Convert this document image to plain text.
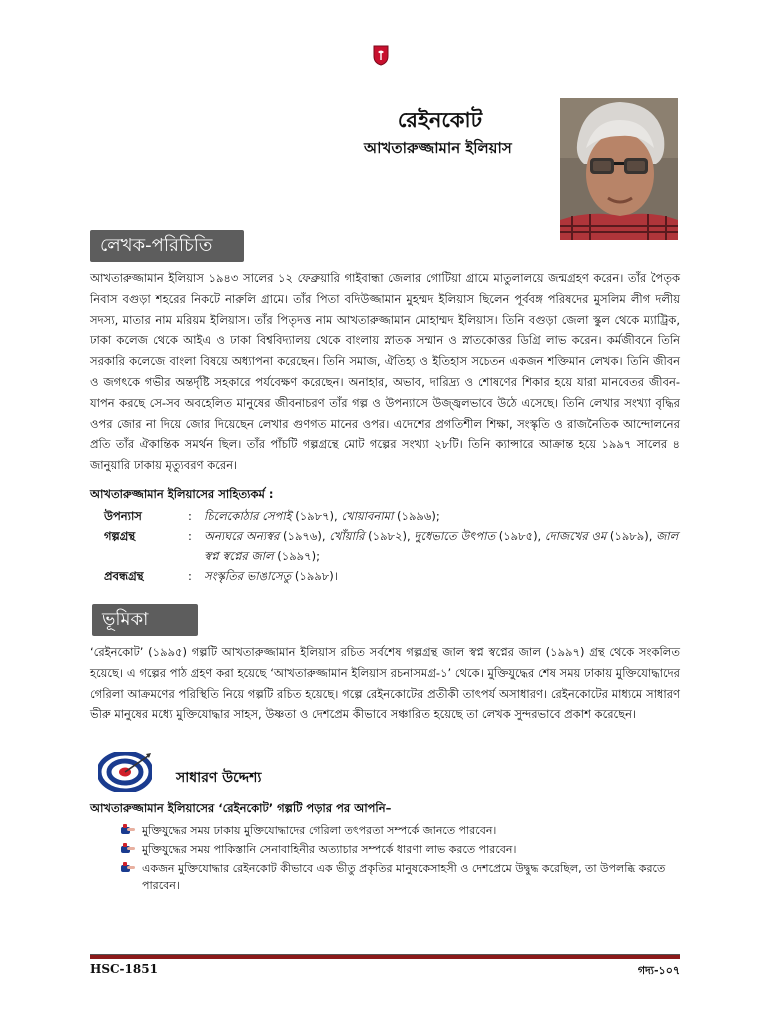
রেইনকোট
আখতারুজ্জামান ইলিয়াস
লেখক-পরিচিতি
আখতারুজ্জামান ইলিয়াস ১৯৪৩ সালের ১২ ফেব্রুয়ারি গাইবান্ধা জেলার গোটিয়া গ্রামে মাতুলালয়ে জন্মগ্রহণ করেন। তাঁর পৈতৃক নিবাস বগুড়া শহরের নিকটে নারুলি গ্রামে। তাঁর পিতা বদিউজ্জামান মুহম্মদ ইলিয়াস ছিলেন পূর্ববঙ্গ পরিষদের মুসলিম লীগ দলীয় সদস্য, মাতার নাম মরিয়ম ইলিয়াস। তাঁর পিতৃদত্ত নাম আখতারুজ্জামান মোহাম্মদ ইলিয়াস। তিনি বগুড়া জেলা স্কুল থেকে ম্যাট্রিক, ঢাকা কলেজ থেকে আইএ ও ঢাকা বিশ্ববিদ্যালয় থেকে বাংলায় স্নাতক সম্মান ও স্নাতকোত্তর ডিগ্রি লাভ করেন। কর্মজীবনে তিনি সরকারি কলেজে বাংলা বিষয়ে অধ্যাপনা করেছেন। তিনি সমাজ, ঐতিহ্য ও ইতিহাস সচেতন একজন শক্তিমান লেখক। তিনি জীবন ও জগৎকে গভীর অন্তর্দৃষ্টি সহকারে পর্যবেক্ষণ করেছেন। অনাহার, অভাব, দারিদ্র্য ও শোষণের শিকার হয়ে যারা মানবেতর জীবন-যাপন করছে সে-সব অবহেলিত মানুষের জীবনাচরণ তাঁর গল্প ও উপন্যাসে উজ্জ্বলভাবে উঠে এসেছে। তিনি লেখার সংখ্যা বৃদ্ধির ওপর জোর না দিয়ে জোর দিয়েছেন লেখার গুণগত মানের ওপর। এদেশের প্রগতিশীল শিক্ষা, সংস্কৃতি ও রাজনৈতিক আন্দোলনের প্রতি তাঁর ঐকান্তিক সমর্থন ছিল। তাঁর পাঁচটি গল্পগ্রন্থে মোট গল্পের সংখ্যা ২৮টি। তিনি ক্যান্সারে আক্রান্ত হয়ে ১৯৯৭ সালের ৪ জানুয়ারি ঢাকায় মৃত্যুবরণ করেন।
আখতারুজ্জামান ইলিয়াসের সাহিত্যকর্ম :
উপন্যাস	:	চিলেকোঠার সেপাই (১৯৮৭), খোয়াবনামা (১৯৯৬);
গল্পগ্রন্থ	:	অন্যঘরে অন্যস্বর (১৯৭৬), খোঁয়ারি (১৯৮২), দুধেভাতে উৎপাত (১৯৮৫), দোজখের ওম (১৯৮৯), জাল স্বপ্ন স্বপ্নের জাল (১৯৯৭);
প্রবন্ধগ্রন্থ	:	সংস্কৃতির ভাঙাসেতু (১৯৯৮)।
ভূমিকা
‘রেইনকোট’ (১৯৯৫) গল্পটি আখতারুজ্জামান ইলিয়াস রচিত সর্বশেষ গল্পগ্রন্থ জাল স্বপ্ন স্বপ্নের জাল (১৯৯৭) গ্রন্থ থেকে সংকলিত হয়েছে। এ গল্পের পাঠ গ্রহণ করা হয়েছে ‘আখতারুজ্জামান ইলিয়াস রচনাসমগ্র-১’ থেকে। মুক্তিযুদ্ধের শেষ সময় ঢাকায় মুক্তিযোদ্ধাদের গেরিলা আক্রমণের পরিস্থিতি নিয়ে গল্পটি রচিত হয়েছে। গল্পে রেইনকোটের প্রতীকী তাৎপর্য অসাধারণ। রেইনকোটের মাধ্যমে সাধারণ ভীরু মানুষের মধ্যে মুক্তিযোদ্ধার সাহস, উষ্ণতা ও দেশপ্রেম কীভাবে সঞ্চারিত হয়েছে তা লেখক সুন্দরভাবে প্রকাশ করেছেন।
সাধারণ উদ্দেশ্য
আখতারুজ্জামান ইলিয়াসের ‘রেইনকোট’ গল্পটি পড়ার পর আপনি–
মুক্তিযুদ্ধের সময় ঢাকায় মুক্তিযোদ্ধাদের গেরিলা তৎপরতা সম্পর্কে জানতে পারবেন।
মুক্তিযুদ্ধের সময় পাকিস্তানি সেনাবাহিনীর অত্যাচার সম্পর্কে ধারণা লাভ করতে পারবেন।
একজন মুক্তিযোদ্ধার রেইনকোট কীভাবে এক ভীতু প্রকৃতির মানুষকেসাহসী ও দেশপ্রেমে উদ্বুদ্ধ করেছিল, তা উপলব্ধি করতে পারবেন।
HSC-1851	গদ্য-১০৭
